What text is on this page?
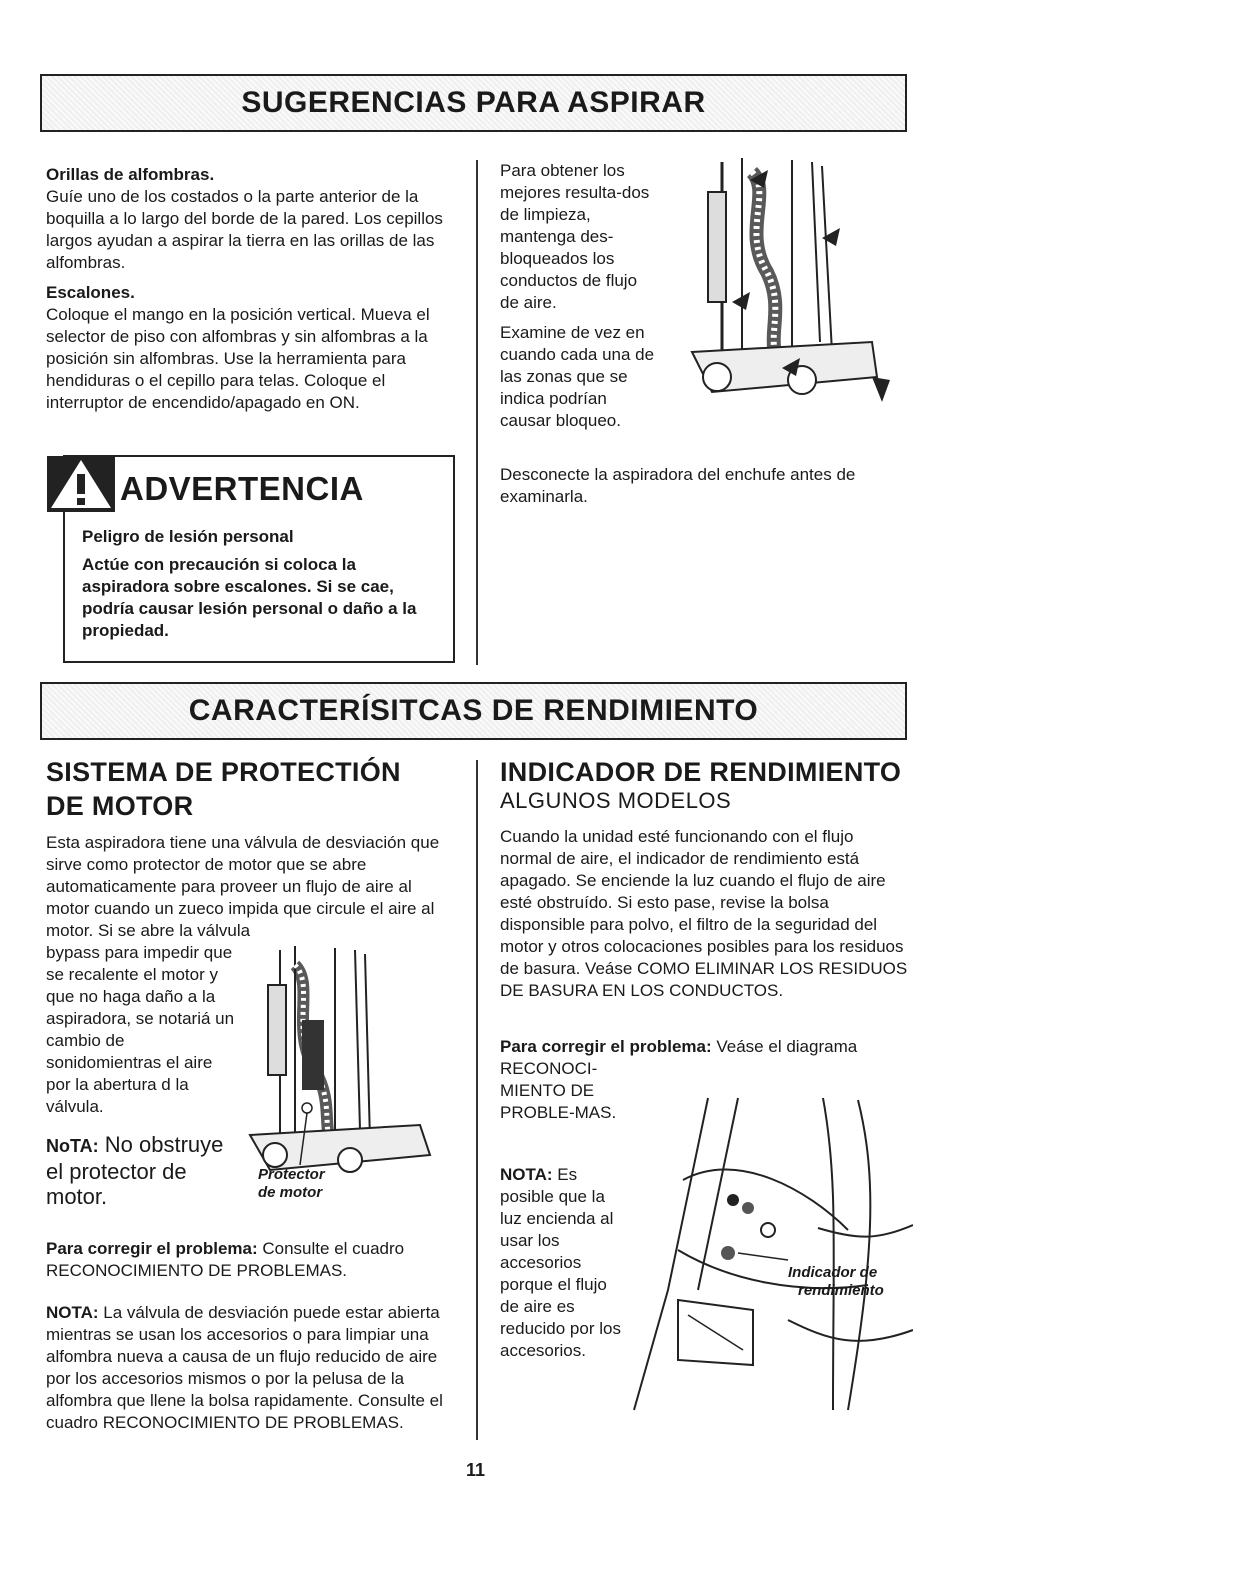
SUGERENCIAS PARA ASPIRAR

Orillas de alfombras.

Guíe uno de los costados o la parte anterior de la boquilla a lo largo del borde de la pared. Los cepillos largos ayudan a aspirar la tierra en las orillas de las alfombras.

Escalones.

Coloque el mango en la posición vertical. Mueva el selector de piso con alfombras y sin alfombras a la posición sin alfombras. Use la herramienta para hendiduras o el cepillo para telas. Coloque el interruptor de encendido/apagado en ON.

ADVERTENCIA
Peligro de lesión personal
Actúe con precaución si coloca la aspiradora sobre escalones. Si se cae, podría causar lesión personal o daño a la propiedad.

Para obtener los mejores resulta-dos de limpieza, mantenga des-bloqueados los conductos de flujo de aire.

Examine de vez en cuando cada una de las zonas que se indica podrían causar bloqueo.

Desconecte la aspiradora del enchufe antes de examinarla.
CARACTERÍSITCAS DE RENDIMIENTO
SISTEMA DE PROTECTIÓN
DE MOTOR
Esta aspiradora tiene una válvula de desviación que sirve como protector de motor que se abre automaticamente para proveer un flujo de aire al motor cuando un zueco impida que circule el aire al motor. Si se abre la válvula
bypass para impedir que se recalente el motor y que no haga daño a la aspiradora, se notariá un cambio de sonidomientras el aire por la abertura d la válvula.
NoTA: No obstruye el protector de motor.
Protector
de motor
Para corregir el problema: Consulte el cuadro RECONOCIMIENTO DE PROBLEMAS.
NOTA: La válvula de desviación puede estar abierta mientras se usan los accesorios o para limpiar una alfombra nueva a causa de un flujo reducido de aire por los accesorios mismos o por la pelusa de la alfombra que llene la bolsa rapidamente. Consulte el cuadro RECONOCIMIENTO DE PROBLEMAS.
INDICADOR DE RENDIMIENTO
ALGUNOS MODELOS
Cuando la unidad esté funcionando con el flujo normal de aire, el indicador de rendimiento está apagado. Se enciende la luz cuando el flujo de aire esté obstruído. Si esto pase, revise la bolsa disponsible para polvo, el filtro de la seguridad del motor y otros colocaciones posibles para los residuos de basura. Veáse COMO ELIMINAR LOS RESIDUOS DE BASURA EN LOS CONDUCTOS.
Para corregir el problema: Veáse el diagrama
RECONOCI-MIENTO DE PROBLE-MAS.
NOTA: Es posible que la luz encienda al usar los accesorios porque el flujo de aire es reducido por los accesorios.
Indicador de
rendimiento
11
